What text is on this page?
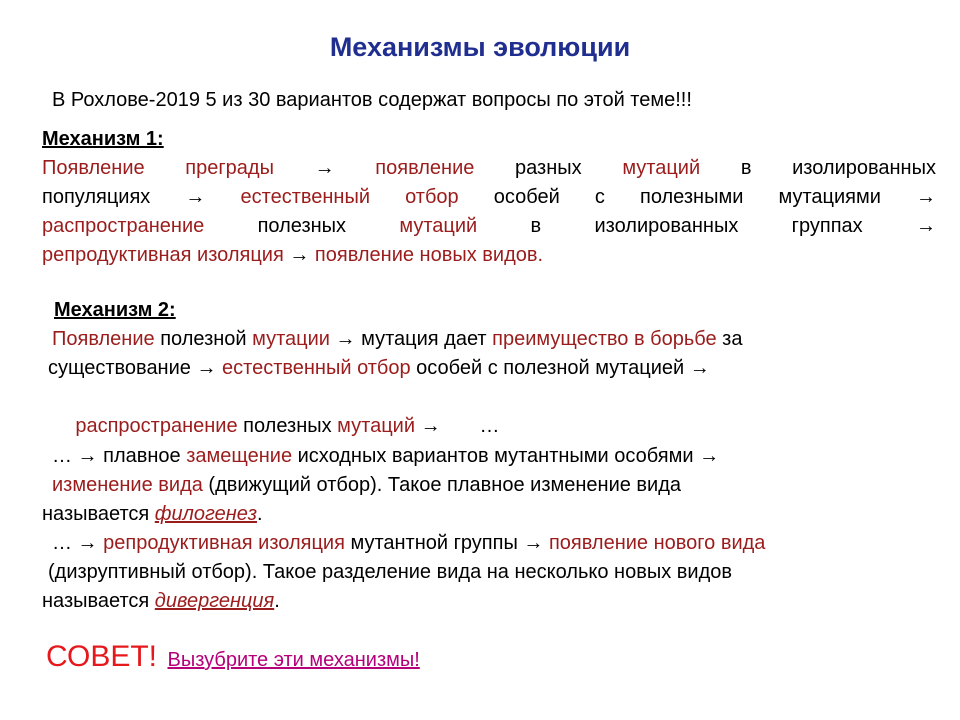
Механизмы эволюции
В Рохлове-2019 5 из 30 вариантов содержат вопросы по этой теме!!!
Механизм 1:
Появление преграды → появление разных мутаций в изолированных
популяциях → естественный отбор особей с полезными мутациями →
распространение полезных мутаций в изолированных группах →
репродуктивная изоляция → появление новых видов.
Механизм 2:
Появление полезной мутации → мутация дает преимущество в борьбе за
существование → естественный отбор особей с полезной мутацией →

распространение полезных мутаций →       …

… → плавное замещение исходных вариантов мутантными особями →
изменение вида (движущий отбор). Такое плавное изменение вида
называется филогенез.
… → репродуктивная изоляция мутантной группы → появление нового вида
(дизруптивный отбор). Такое разделение вида на несколько новых видов
называется дивергенция.
СОВЕТ! Вызубрите эти механизмы!
